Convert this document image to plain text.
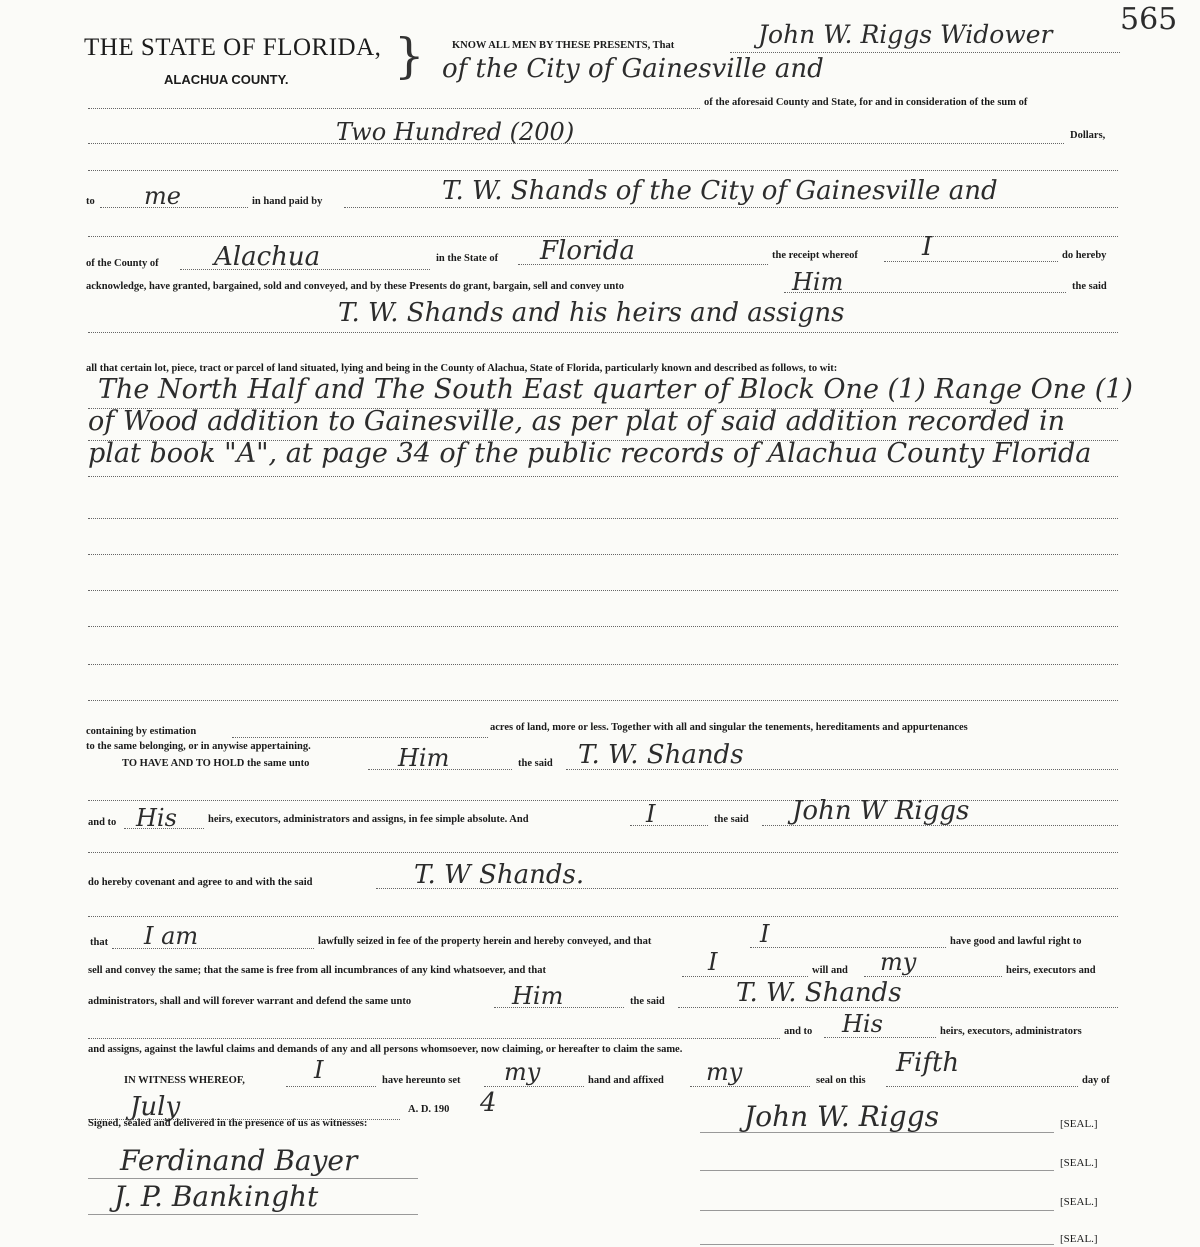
565
THE STATE OF FLORIDA, }
ALACHUA COUNTY.
KNOW ALL MEN BY THESE PRESENTS, That	John W. Riggs Widower
of the City of Gainesville and
of the aforesaid County and State, for and in consideration of the sum of
Two Hundred (200)	Dollars,
to me	in hand paid by	T. W. Shands of the City of Gainesville and
of the County of Alachua	in the State of Florida	the receipt whereof I	do hereby
acknowledge, have granted, bargained, sold and conveyed, and by these Presents do grant, bargain, sell and convey unto	Him	the said
T. W. Shands and his heirs and assigns
all that certain lot, piece, tract or parcel of land situated, lying and being in the County of Alachua, State of Florida, particularly known and described as follows, to wit:
The North Half and The South East quarter of Block One (1) Range One (1)
of Wood addition to Gainesville, as per plat of said addition recorded in
plat book "A", at page 34 of the public records of Alachua County Florida
containing by estimation	acres of land, more or less. Together with all and singular the tenements, hereditaments and appurtenances
to the same belonging, or in anywise appertaining.
TO HAVE AND TO HOLD the same unto	Him	the said T. W. Shands
and to His	heirs, executors, administrators and assigns, in fee simple absolute. And	I	the said John W Riggs
do hereby covenant and agree to and with the said	T. W Shands.
that I am	lawfully seized in fee of the property herein and hereby conveyed, and that	I	have good and lawful right to
sell and convey the same; that the same is free from all incumbrances of any kind whatsoever, and that	I	will and my	heirs, executors and
administrators, shall and will forever warrant and defend the same unto	Him	the said	T. W. Shands
and to His	heirs, executors, administrators
and assigns, against the lawful claims and demands of any and all persons whomsoever, now claiming, or hereafter to claim the same.
IN WITNESS WHEREOF,	I	have hereunto set my	hand and affixed my	seal on this
Fifth
day of
July	A. D. 190 4
Signed, sealed and delivered in the presence of us as witnesses:	John W. Riggs	[SEAL.]
Ferdinand Bayer	[SEAL.]
J. P. Bankinght	[SEAL.]
[SEAL.]
